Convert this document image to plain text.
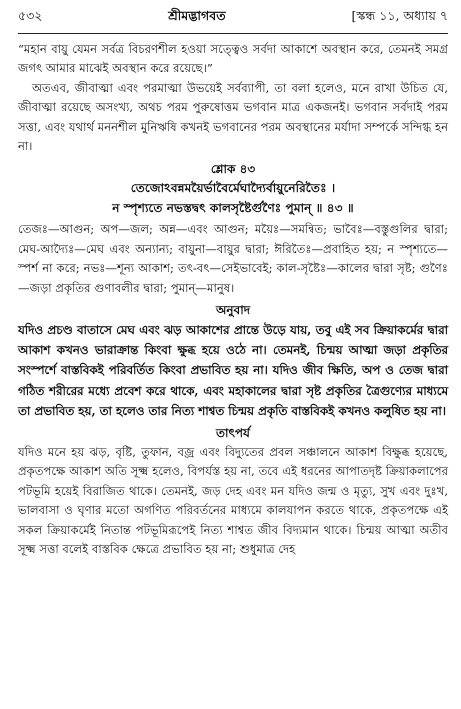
৫৩২	শ্রীমদ্ভাগবত	[স্কন্ধ ১১, অধ্যায় ৭

“মহান বায়ু যেমন সর্বত্র বিচরণশীল হওয়া সত্ত্বেও সর্বদা আকাশে অবস্থান করে, তেমনই সমগ্র জগৎ আমার মাঝেই অবস্থান করে রয়েছে।”

অতএব, জীবাত্মা এবং পরমাত্মা উভয়েই সর্বব্যাপী, তা বলা হলেও, মনে রাখা উচিত যে, জীবাত্মা রয়েছে অসংখ্য, অথচ পরম পুরুষোত্তম ভগবান মাত্র একজনই। ভগবান সর্বদাই পরম সত্তা, এবং যথার্থ মননশীল মুনিঋষি কখনই ভগবানের পরম অবস্থানের মর্যাদা সম্পর্কে সন্দিগ্ধ হন না।

শ্লোক ৪৩

তেজোঽবন্নময়ৈর্ভাবৈর্মেঘাদ্যৈর্বায়ুনেরিতৈঃ ।

ন স্পৃশ্যতে নভস্তদ্বৎ কালসৃষ্টৈর্গুণৈঃ পুমান্ ॥ ৪৩ ॥

তেজঃ—আগুন; অপ—জল; অন্ন—এবং আগুন; ময়ৈঃ—সমন্বিত; ভাবৈঃ—বস্তুগুলির দ্বারা; মেঘ-আদ্যৈঃ—মেঘ এবং অন্যান্য; বায়ুনা—বায়ুর দ্বারা; ঈরিতৈঃ—প্রবাহিত হয়; ন স্পৃশ্যতে—স্পর্শ না করে; নভঃ—শূন্য আকাশ; তৎ-বৎ—সেইভাবেই; কাল-সৃষ্টৈঃ—কালের দ্বারা সৃষ্ট; গুণৈঃ—জড়া প্রকৃতির গুণাবলীর দ্বারা; পুমান্—মানুষ।

অনুবাদ

যদিও প্রচণ্ড বাতাসে মেঘ এবং ঝড় আকাশের প্রান্তে উড়ে যায়, তবু এই সব ক্রিয়াকর্মের দ্বারা আকাশ কখনও ভারাক্রান্ত কিংবা ক্ষুব্ধ হয়ে ওঠে না। তেমনই, চিন্ময় আত্মা জড়া প্রকৃতির সংস্পর্শে বাস্তবিকই পরিবর্তিত কিংবা প্রভাবিত হয় না। যদিও জীব ক্ষিতি, অপ ও তেজ দ্বারা গঠিত শরীরের মধ্যে প্রবেশ করে থাকে, এবং মহাকালের দ্বারা সৃষ্ট প্রকৃতির ত্রৈগুণ্যের মাধ্যমে তা প্রভাবিত হয়, তা হলেও তার নিত্য শাশ্বত চিন্ময় প্রকৃতি বাস্তবিকই কখনও কলুষিত হয় না।

তাৎপর্য

যদিও মনে হয় ঝড়, বৃষ্টি, তুফান, বজ্র এবং বিদ্যুতের প্রবল সঞ্চালনে আকাশ বিক্ষুব্ধ হয়েছে, প্রকৃতপক্ষে আকাশ অতি সূক্ষ্ম হলেও, বিপর্যস্ত হয় না, তবে এই ধরনের আপাতদৃষ্ট ক্রিয়াকলাপের পটভূমি হয়েই বিরাজিত থাকে। তেমনই, জড় দেহ এবং মন যদিও জন্ম ও মৃত্যু, সুখ এবং দুঃখ, ভালবাসা ও ঘৃণার মতো অগণিত পরিবর্তনের মাধ্যমে কালযাপন করতে থাকে, প্রকৃতপক্ষে এই সকল ক্রিয়াকর্মেই নিতান্ত পটভূমিরূপেই নিত্য শাশ্বত জীব বিদ্যমান থাকে। চিন্ময় আত্মা অতীব সূক্ষ্ম সত্তা বলেই বাস্তবিক ক্ষেত্রে প্রভাবিত হয় না; শুধুমাত্র দেহ
